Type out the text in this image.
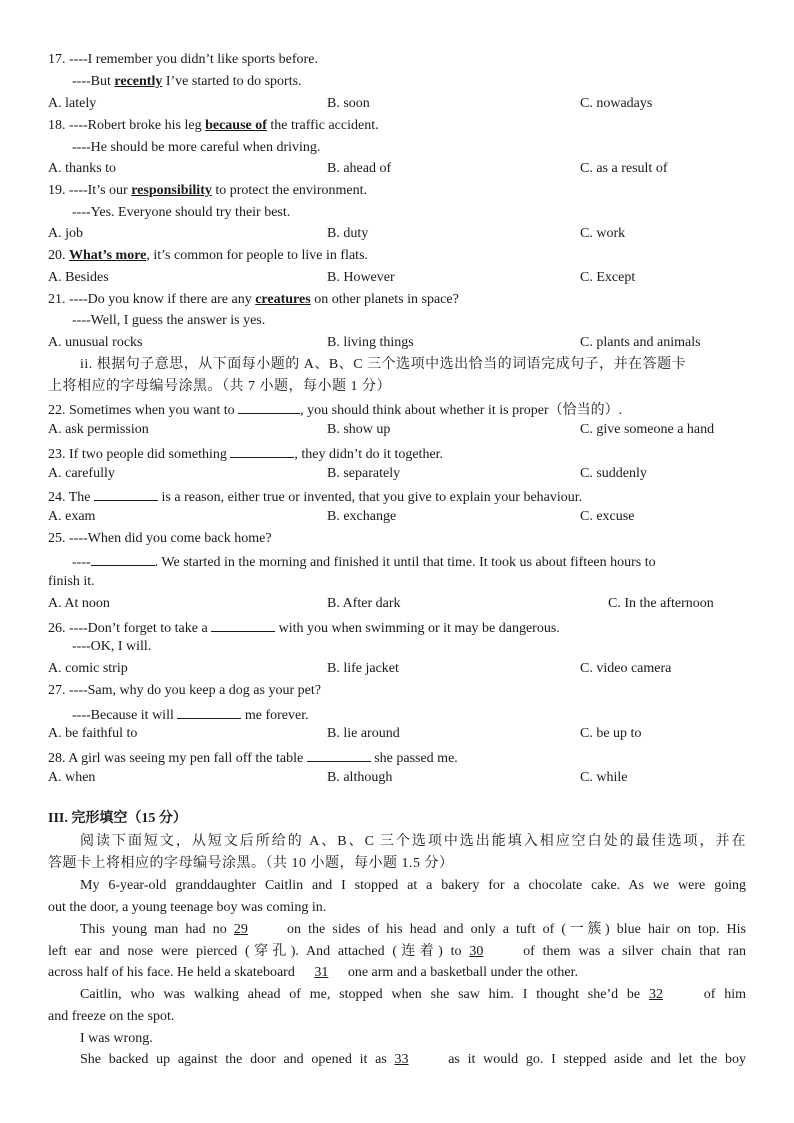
17. ----I remember you didn’t like sports before.
----But recently I’ve started to do sports.
A. lately	B. soon	C. nowadays
18. ----Robert broke his leg because of the traffic accident.
----He should be more careful when driving.
A. thanks to	B. ahead of	C. as a result of
19. ----It’s our responsibility to protect the environment.
----Yes. Everyone should try their best.
A. job	B. duty	C. work
20. What’s more, it’s common for people to live in flats.
A. Besides	B. However	C. Except
21. ----Do you know if there are any creatures on other planets in space?
----Well, I guess the answer is yes.
A. unusual rocks	B. living things	C. plants and animals
ii. 根据句子意思，从下面每小题的 A、B、C 三个选项中选出恰当的词语完成句子，并在答题卡
上将相应的字母编号涂黑。（共 7 小题，每小题 1 分）
22. Sometimes when you want to	, you should think about whether it is proper（恰当的）.
A. ask permission	B. show up	C. give someone a hand
23. If two people did something	, they didn’t do it together.
A. carefully	B. separately	C. suddenly
24. The	is a reason, either true or invented, that you give to explain your behaviour.
A. exam	B. exchange	C. excuse
25. ----When did you come back home?
----	. We started in the morning and finished it until that time. It took us about fifteen hours to
finish it.
A. At noon	B. After dark	C. In the afternoon
26. ----Don’t forget to take a	with you when swimming or it may be dangerous.
----OK, I will.
A. comic strip	B. life jacket	C. video camera
27. ----Sam, why do you keep a dog as your pet?
----Because it will	me forever.
A. be faithful to	B. lie around	C. be up to
28. A girl was seeing my pen fall off the table	she passed me.
A. when	B. although	C. while
III. 完形填空（15 分）
阅读下面短文，从短文后所给的 A、B、C 三个选项中选出能填入相应空白处的最佳选项，并在
答题卡上将相应的字母编号涂黑。（共 10 小题，每小题 1.5 分）
My 6-year-old granddaughter Caitlin and I stopped at a bakery for a chocolate cake. As we were going
out the door, a young teenage boy was coming in.
This young man had no 29 on the sides of his head and only a tuft of (一簇) blue hair on top. His
left ear and nose were pierced (穿孔). And attached (连着) to 30 of them was a silver chain that ran
across half of his face. He held a skateboard 31 one arm and a basketball under the other.
Caitlin, who was walking ahead of me, stopped when she saw him. I thought she’d be 32 of him
and freeze on the spot.
I was wrong.
She backed up against the door and opened it as 33 as it would go. I stepped aside and let the boy
